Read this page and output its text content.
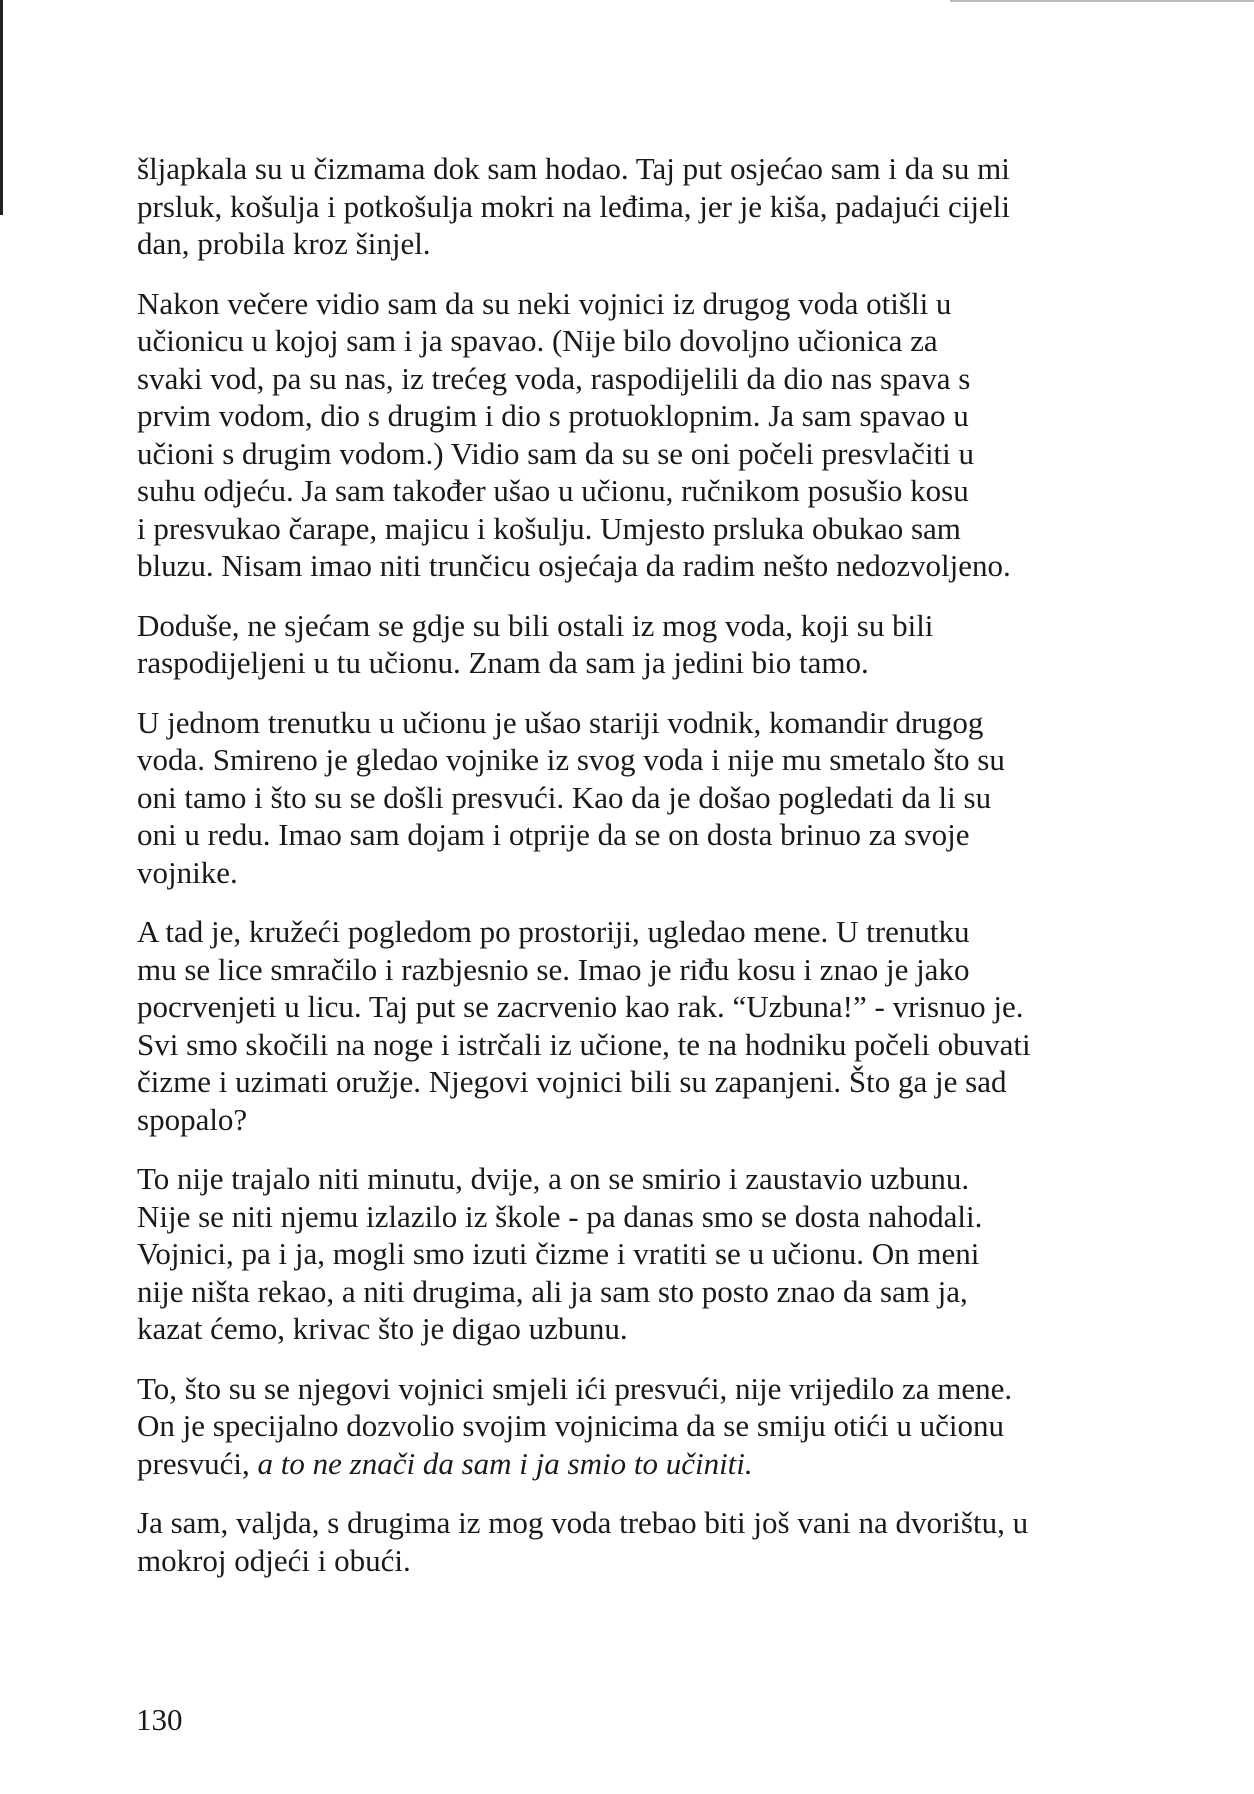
šljapkala su u čizmama dok sam hodao. Taj put osjećao sam i da su mi
prsluk, košulja i potkošulja mokri na leđima, jer je kiša, padajući cijeli
dan, probila kroz šinjel.

Nakon večere vidio sam da su neki vojnici iz drugog voda otišli u
učionicu u kojoj sam i ja spavao. (Nije bilo dovoljno učionica za
svaki vod, pa su nas, iz trećeg voda, raspodijelili da dio nas spava s
prvim vodom, dio s drugim i dio s protuoklopnim. Ja sam spavao u
učioni s drugim vodom.) Vidio sam da su se oni počeli presvlačiti u
suhu odjeću. Ja sam također ušao u učionu, ručnikom posušio kosu
i presvukao čarape, majicu i košulju. Umjesto prsluka obukao sam
bluzu. Nisam imao niti trunčicu osjećaja da radim nešto nedozvoljeno.

Doduše, ne sjećam se gdje su bili ostali iz mog voda, koji su bili
raspodijeljeni u tu učionu. Znam da sam ja jedini bio tamo.

U jednom trenutku u učionu je ušao stariji vodnik, komandir drugog
voda. Smireno je gledao vojnike iz svog voda i nije mu smetalo što su
oni tamo i što su se došli presvući. Kao da je došao pogledati da li su
oni u redu. Imao sam dojam i otprije da se on dosta brinuo za svoje
vojnike.

A tad je, kružeći pogledom po prostoriji, ugledao mene. U trenutku
mu se lice smračilo i razbjesnio se. Imao je riđu kosu i znao je jako
pocrvenjeti u licu. Taj put se zacrvenio kao rak. “Uzbuna!” - vrisnuo je.
Svi smo skočili na noge i istrčali iz učione, te na hodniku počeli obuvati
čizme i uzimati oružje. Njegovi vojnici bili su zapanjeni. Što ga je sad
spopalo?

To nije trajalo niti minutu, dvije, a on se smirio i zaustavio uzbunu.
Nije se niti njemu izlazilo iz škole - pa danas smo se dosta nahodali.
Vojnici, pa i ja, mogli smo izuti čizme i vratiti se u učionu. On meni
nije ništa rekao, a niti drugima, ali ja sam sto posto znao da sam ja,
kazat ćemo, krivac što je digao uzbunu.

To, što su se njegovi vojnici smjeli ići presvući, nije vrijedilo za mene.
On je specijalno dozvolio svojim vojnicima da se smiju otići u učionu
presvući, a to ne znači da sam i ja smio to učiniti.

Ja sam, valjda, s drugima iz mog voda trebao biti još vani na dvorištu, u
mokroj odjeći i obući.

130
